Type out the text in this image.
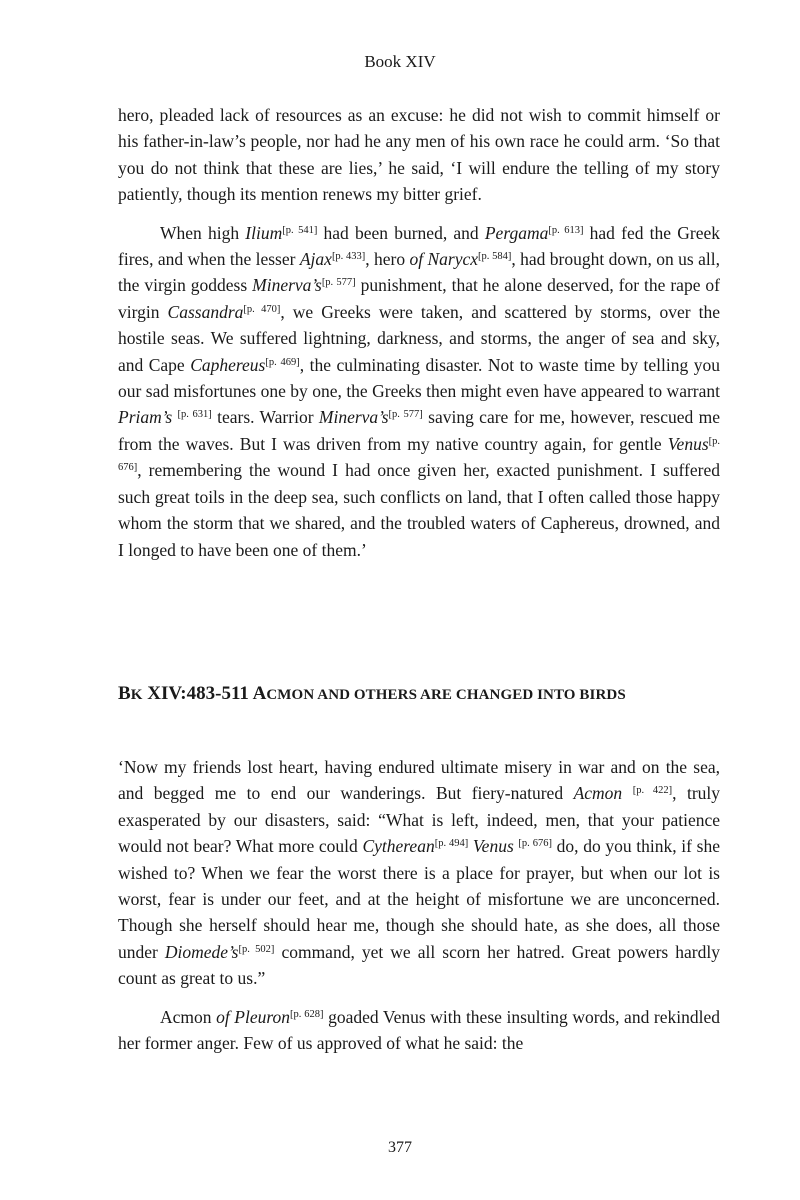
Book XIV

hero, pleaded lack of resources as an excuse: he did not wish to commit himself or his father-in-law’s people, nor had he any men of his own race he could arm. ‘So that you do not think that these are lies,’ he said, ‘I will endure the telling of my story patiently, though its mention renews my bitter grief.

When high Ilium[p. 541] had been burned, and Pergama[p. 613] had fed the Greek fires, and when the lesser Ajax[p. 433], hero of Narycx[p. 584], had brought down, on us all, the virgin goddess Minerva’s[p. 577] punishment, that he alone deserved, for the rape of virgin Cassandra[p. 470], we Greeks were taken, and scattered by storms, over the hostile seas. We suffered lightning, darkness, and storms, the anger of sea and sky, and Cape Caphereus[p. 469], the culminating disaster. Not to waste time by telling you our sad misfortunes one by one, the Greeks then might even have appeared to warrant Priam’s [p. 631] tears. Warrior Minerva’s[p. 577] saving care for me, however, rescued me from the waves. But I was driven from my native country again, for gentle Venus[p. 676], remembering the wound I had once given her, exacted punishment. I suffered such great toils in the deep sea, such conflicts on land, that I often called those happy whom the storm that we shared, and the troubled waters of Caphereus, drowned, and I longed to have been one of them.’

BK XIV:483-511 ACMON AND OTHERS ARE CHANGED INTO BIRDS

‘Now my friends lost heart, having endured ultimate misery in war and on the sea, and begged me to end our wanderings. But fiery-natured Acmon [p. 422], truly exasperated by our disasters, said: “What is left, indeed, men, that your patience would not bear? What more could Cytherean[p. 494] Venus [p. 676] do, do you think, if she wished to? When we fear the worst there is a place for prayer, but when our lot is worst, fear is under our feet, and at the height of misfortune we are unconcerned. Though she herself should hear me, though she should hate, as she does, all those under Diomede’s[p. 502] command, yet we all scorn her hatred. Great powers hardly count as great to us.”

Acmon of Pleuron[p. 628] goaded Venus with these insulting words, and rekindled her former anger. Few of us approved of what he said: the

377
